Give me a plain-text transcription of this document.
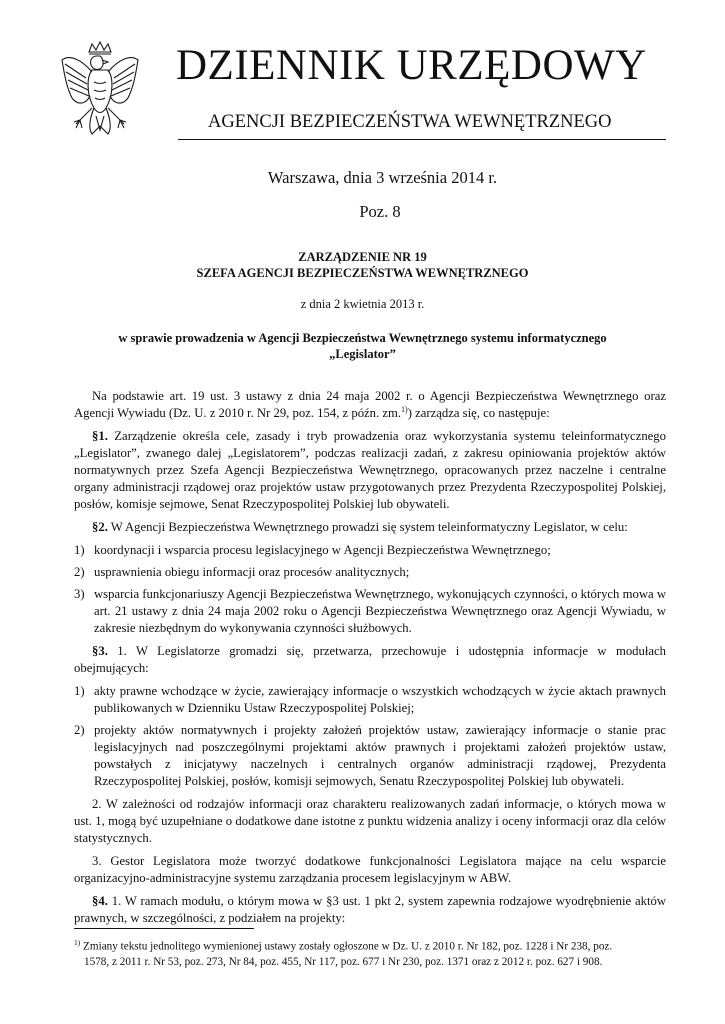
DZIENNIK URZĘDOWY
AGENCJI BEZPIECZEŃSTWA WEWNĘTRZNEGO
Warszawa, dnia 3 września 2014 r.
Poz. 8
ZARZĄDZENIE NR 19
SZEFA AGENCJI BEZPIECZEŃSTWA WEWNĘTRZNEGO
z dnia 2 kwietnia 2013 r.
w sprawie prowadzenia w Agencji Bezpieczeństwa Wewnętrznego systemu informatycznego
„Legislator”

Na podstawie art. 19 ust. 3 ustawy z dnia 24 maja 2002 r. o Agencji Bezpieczeństwa Wewnętrznego oraz Agencji Wywiadu (Dz. U. z 2010 r. Nr 29, poz. 154, z późn. zm.$^{1)}$) zarządza się, co następuje:

§1. Zarządzenie określa cele, zasady i tryb prowadzenia oraz wykorzystania systemu teleinformatycznego „Legislator”, zwanego dalej „Legislatorem”, podczas realizacji zadań, z zakresu opiniowania projektów aktów normatywnych przez Szefa Agencji Bezpieczeństwa Wewnętrznego, opracowanych przez naczelne i centralne organy administracji rządowej oraz projektów ustaw przygotowanych przez Prezydenta Rzeczypospolitej Polskiej, posłów, komisje sejmowe, Senat Rzeczypospolitej Polskiej lub obywateli.

§2. W Agencji Bezpieczeństwa Wewnętrznego prowadzi się system teleinformatyczny Legislator, w celu:

1) koordynacji i wsparcia procesu legislacyjnego w Agencji Bezpieczeństwa Wewnętrznego;
2) usprawnienia obiegu informacji oraz procesów analitycznych;
3) wsparcia funkcjonariuszy Agencji Bezpieczeństwa Wewnętrznego, wykonujących czynności, o których mowa w art. 21 ustawy z dnia 24 maja 2002 roku o Agencji Bezpieczeństwa Wewnętrznego oraz Agencji Wywiadu, w zakresie niezbędnym do wykonywania czynności służbowych.

§3. 1. W Legislatorze gromadzi się, przetwarza, przechowuje i udostępnia informacje w modułach obejmujących:

1) akty prawne wchodzące w życie, zawierający informacje o wszystkich wchodzących w życie aktach prawnych publikowanych w Dzienniku Ustaw Rzeczypospolitej Polskiej;
2) projekty aktów normatywnych i projekty założeń projektów ustaw, zawierający informacje o stanie prac legislacyjnych nad poszczególnymi projektami aktów prawnych i projektami założeń projektów ustaw, powstałych z inicjatywy naczelnych i centralnych organów administracji rządowej, Prezydenta Rzeczypospolitej Polskiej, posłów, komisji sejmowych, Senatu Rzeczypospolitej Polskiej lub obywateli.

2. W zależności od rodzajów informacji oraz charakteru realizowanych zadań informacje, o których mowa w ust. 1, mogą być uzupełniane o dodatkowe dane istotne z punktu widzenia analizy i oceny informacji oraz dla celów statystycznych.

3. Gestor Legislatora może tworzyć dodatkowe funkcjonalności Legislatora mające na celu wsparcie organizacyjno-administracyjne systemu zarządzania procesem legislacyjnym w ABW.

§4. 1. W ramach modułu, o którym mowa w §3 ust. 1 pkt 2, system zapewnia rodzajowe wyodrębnienie aktów prawnych, w szczególności, z podziałem na projekty:

$^{1)}$ Zmiany tekstu jednolitego wymienionej ustawy zostały ogłoszone w Dz. U. z 2010 r. Nr 182, poz. 1228 i Nr 238, poz.
1578, z 2011 r. Nr 53, poz. 273, Nr 84, poz. 455, Nr 117, poz. 677 i Nr 230, poz. 1371 oraz z 2012 r. poz. 627 i 908.
